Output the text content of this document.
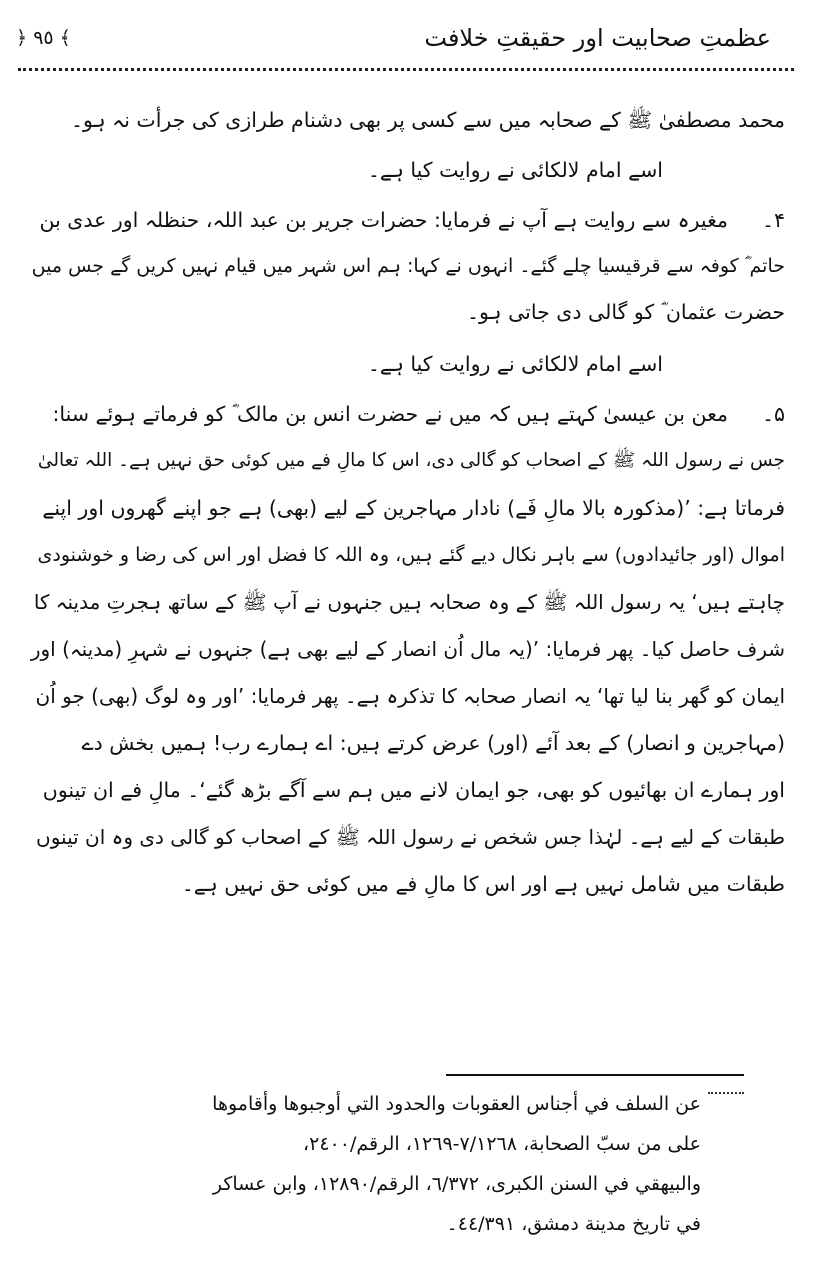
عظمتِ صحابیت اور حقیقتِ خلافت
﴿ ٩٥ ﴾
محمد مصطفیٰ ﷺ کے صحابہ میں سے کسی پر بھی دشنام طرازی کی جرأت نہ ہو۔
اسے امام لالکائی نے روایت کیا ہے۔
۴۔مغیرہ سے روایت ہے آپ نے فرمایا: حضرات جریر بن عبد اللہ، حنظلہ اور عدی بن
حاتم ؓ کوفہ سے قرقیسیا چلے گئے۔ انہوں نے کہا: ہم اس شہر میں قیام نہیں کریں گے جس میں
حضرت عثمان ؓ کو گالی دی جاتی ہو۔
اسے امام لالکائی نے روایت کیا ہے۔
۵۔معن بن عیسیٰ کہتے ہیں کہ میں نے حضرت انس بن مالک ؓ کو فرماتے ہوئے سنا:
جس نے رسول اللہ ﷺ کے اصحاب کو گالی دی، اس کا مالِ فے میں کوئی حق نہیں ہے۔ اللہ تعالیٰ
فرماتا ہے: ’(مذکورہ بالا مالِ فَے) نادار مہاجرین کے لیے (بھی) ہے جو اپنے گھروں اور اپنے
اموال (اور جائیدادوں) سے باہر نکال دیے گئے ہیں، وہ اللہ کا فضل اور اس کی رضا و خوشنودی
چاہتے ہیں‘ یہ رسول اللہ ﷺ کے وہ صحابہ ہیں جنہوں نے آپ ﷺ کے ساتھ ہجرتِ مدینہ کا
شرف حاصل کیا۔ پھر فرمایا: ’(یہ مال اُن انصار کے لیے بھی ہے) جنہوں نے شہرِ (مدینہ) اور
ایمان کو گھر بنا لیا تھا‘ یہ انصار صحابہ کا تذکرہ ہے۔ پھر فرمایا: ’اور وہ لوگ (بھی) جو اُن
(مہاجرین و انصار) کے بعد آئے (اور) عرض کرتے ہیں: اے ہمارے رب! ہمیں بخش دے
اور ہمارے ان بھائیوں کو بھی، جو ایمان لانے میں ہم سے آگے بڑھ گئے‘۔ مالِ فے ان تینوں
طبقات کے لیے ہے۔ لہٰذا جس شخص نے رسول اللہ ﷺ کے اصحاب کو گالی دی وہ ان تینوں
طبقات میں شامل نہیں ہے اور اس کا مالِ فے میں کوئی حق نہیں ہے۔
عن السلف في أجناس العقوبات والحدود التي أوجبوها وأقاموها
على من سبّ الصحابة، ٧/١٢٦٨-١٢٦٩، الرقم/٢٤٠٠،
والبيهقي في السنن الكبرى، ٦/٣٧٢، الرقم/١٢٨٩٠، وابن عساكر
في تاريخ مدينة دمشق، ٤٤/٣٩١۔
